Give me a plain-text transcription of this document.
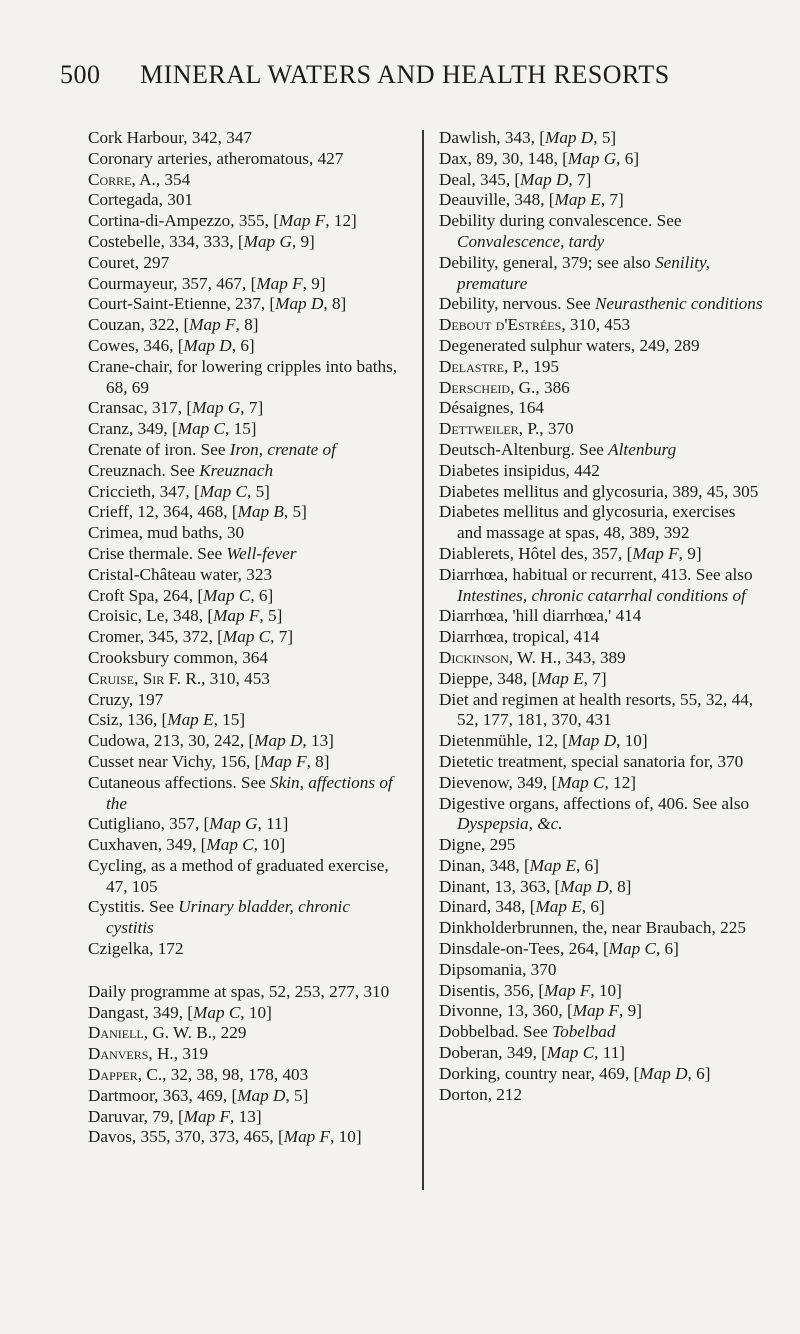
500 MINERAL WATERS AND HEALTH RESORTS

Cork Harbour, 342, 347

Coronary arteries, atheromatous, 427

Corre, A., 354

Cortegada, 301

Cortina-di-Ampezzo, 355, [Map F, 12]

Costebelle, 334, 333, [Map G, 9]

Couret, 297

Courmayeur, 357, 467, [Map F, 9]

Court-Saint-Etienne, 237, [Map D, 8]

Couzan, 322, [Map F, 8]

Cowes, 346, [Map D, 6]

Crane-chair, for lowering cripples into baths, 68, 69

Cransac, 317, [Map G, 7]

Cranz, 349, [Map C, 15]

Crenate of iron. See Iron, crenate of

Creuznach. See Kreuznach

Criccieth, 347, [Map C, 5]

Crieff, 12, 364, 468, [Map B, 5]

Crimea, mud baths, 30

Crise thermale. See Well-fever

Cristal-Château water, 323

Croft Spa, 264, [Map C, 6]

Croisic, Le, 348, [Map F, 5]

Cromer, 345, 372, [Map C, 7]

Crooksbury common, 364

Cruise, Sir F. R., 310, 453

Cruzy, 197

Csiz, 136, [Map E, 15]

Cudowa, 213, 30, 242, [Map D, 13]

Cusset near Vichy, 156, [Map F, 8]

Cutaneous affections. See Skin, affections of the

Cutigliano, 357, [Map G, 11]

Cuxhaven, 349, [Map C, 10]

Cycling, as a method of graduated exercise, 47, 105

Cystitis. See Urinary bladder, chronic cystitis

Czigelka, 172

Daily programme at spas, 52, 253, 277, 310

Dangast, 349, [Map C, 10]

Daniell, G. W. B., 229

Danvers, H., 319

Dapper, C., 32, 38, 98, 178, 403

Dartmoor, 363, 469, [Map D, 5]

Daruvar, 79, [Map F, 13]

Davos, 355, 370, 373, 465, [Map F, 10]

Dawlish, 343, [Map D, 5]

Dax, 89, 30, 148, [Map G, 6]

Deal, 345, [Map D, 7]

Deauville, 348, [Map E, 7]

Debility during convalescence. See Convalescence, tardy

Debility, general, 379; see also Senility, premature

Debility, nervous. See Neurasthenic conditions

Debout d'Estrées, 310, 453

Degenerated sulphur waters, 249, 289

Delastre, P., 195

Derscheid, G., 386

Désaignes, 164

Dettweiler, P., 370

Deutsch-Altenburg. See Altenburg

Diabetes insipidus, 442

Diabetes mellitus and glycosuria, 389, 45, 305

Diabetes mellitus and glycosuria, exercises and massage at spas, 48, 389, 392

Diablerets, Hôtel des, 357, [Map F, 9]

Diarrhœa, habitual or recurrent, 413. See also Intestines, chronic catarrhal conditions of

Diarrhœa, 'hill diarrhœa,' 414

Diarrhœa, tropical, 414

Dickinson, W. H., 343, 389

Dieppe, 348, [Map E, 7]

Diet and regimen at health resorts, 55, 32, 44, 52, 177, 181, 370, 431

Dietenmühle, 12, [Map D, 10]

Dietetic treatment, special sanatoria for, 370

Dievenow, 349, [Map C, 12]

Digestive organs, affections of, 406. See also Dyspepsia, &c.

Digne, 295

Dinan, 348, [Map E, 6]

Dinant, 13, 363, [Map D, 8]

Dinard, 348, [Map E, 6]

Dinkholderbrunnen, the, near Braubach, 225

Dinsdale-on-Tees, 264, [Map C, 6]

Dipsomania, 370

Disentis, 356, [Map F, 10]

Divonne, 13, 360, [Map F, 9]

Dobbelbad. See Tobelbad

Doberan, 349, [Map C, 11]

Dorking, country near, 469, [Map D, 6]

Dorton, 212
